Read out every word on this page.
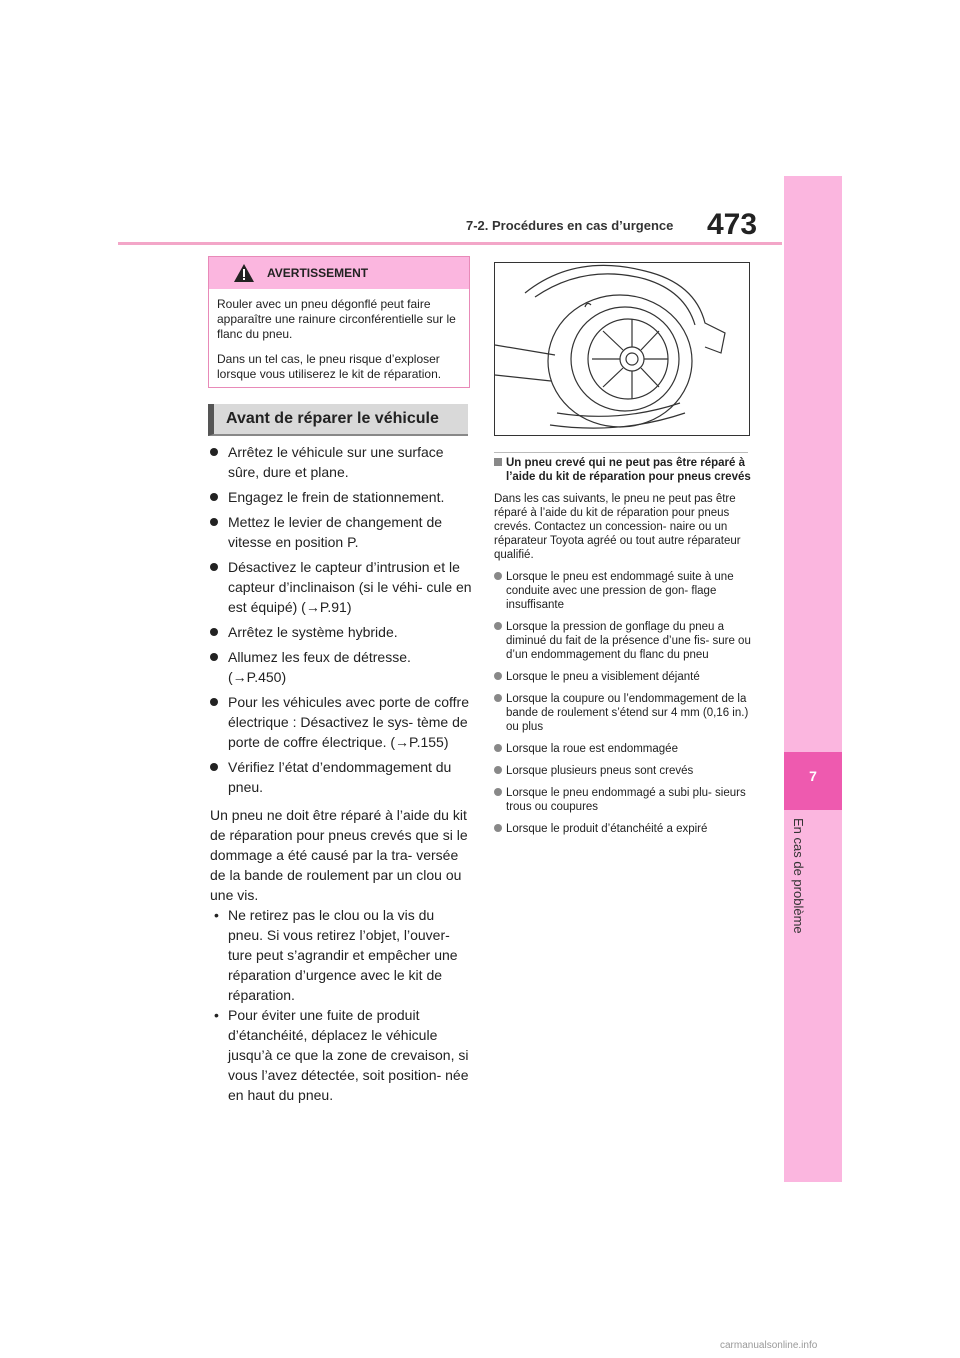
7-2. Procédures en cas d’urgence 473
7
En cas de problème
AVERTISSEMENT

Rouler avec un pneu dégonflé peut faire apparaître une rainure circonférentielle sur le flanc du pneu.

Dans un tel cas, le pneu risque d’exploser lorsque vous utiliserez le kit de réparation.

Avant de réparer le véhicule
Arrêtez le véhicule sur une surface sûre, dure et plane.
Engagez le frein de stationnement.
Mettez le levier de changement de vitesse en position P.
Désactivez le capteur d’intrusion et le capteur d’inclinaison (si le véhi- cule en est équipé) (→P.91)
Arrêtez le système hybride.
Allumez les feux de détresse. (→P.450)
Pour les véhicules avec porte de coffre électrique : Désactivez le sys- tème de porte de coffre électrique. (→P.155)
Vérifiez l’état d’endommagement du pneu.
Un pneu ne doit être réparé à l’aide du kit de réparation pour pneus crevés que si le dommage a été causé par la tra- versée de la bande de roulement par un clou ou une vis.
• Ne retirez pas le clou ou la vis du pneu. Si vous retirez l’objet, l’ouver- ture peut s’agrandir et empêcher une réparation d’urgence avec le kit de réparation.
• Pour éviter une fuite de produit d’étanchéité, déplacez le véhicule jusqu’à ce que la zone de crevaison, si vous l’avez détectée, soit position- née en haut du pneu.
Un pneu crevé qui ne peut pas être réparé à l’aide du kit de réparation pour pneus crevés
Dans les cas suivants, le pneu ne peut pas être réparé à l’aide du kit de réparation pour pneus crevés. Contactez un concession- naire ou un réparateur Toyota agréé ou tout autre réparateur qualifié.
Lorsque le pneu est endommagé suite à une conduite avec une pression de gon- flage insuffisante
Lorsque la pression de gonflage du pneu a diminué du fait de la présence d’une fis- sure ou d’un endommagement du flanc du pneu
Lorsque le pneu a visiblement déjanté
Lorsque la coupure ou l’endommagement de la bande de roulement s’étend sur 4 mm (0,16 in.) ou plus
Lorsque la roue est endommagée
Lorsque plusieurs pneus sont crevés
Lorsque le pneu endommagé a subi plu- sieurs trous ou coupures
Lorsque le produit d’étanchéité a expiré
carmanualsonline.info
